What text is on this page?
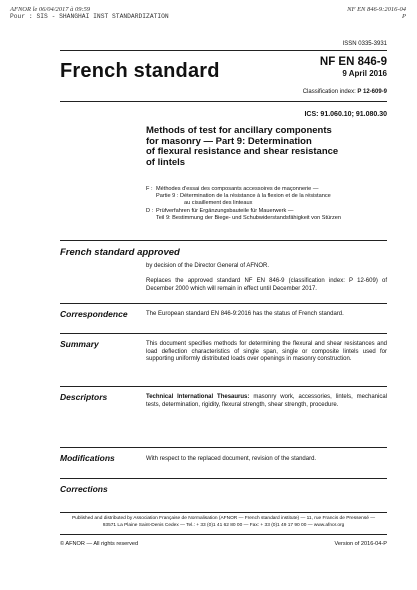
AFNOR le 06/04/2017 à 09:59
Pour : SIS - SHANGHAI INST STANDARDIZATION
NF EN 846-9:2016-04
P
ISSN 0335-3931
French standard	NF EN 846-9
9 April 2016
Classification index: P 12-609-9
ICS: 91.060.10; 91.080.30
Methods of test for ancillary components
for masonry — Part 9: Determination
of flexural resistance and shear resistance
of lintels
F : Méthodes d'essai des composants accessoires de maçonnerie —
Partie 9 : Détermination de la résistance à la flexion et de la résistance
au cisaillement des linteaux
D : Prüfverfahren für Ergänzungsbauteile für Mauerwerk —
Teil 9: Bestimmung der Biege- und Schubwiderstandsfähigkeit von Stürzen
French standard approved
by decision of the Director General of AFNOR.
Replaces the approved standard NF EN 846-9 (classification index: P 12-609) of December 2000 which will remain in effect until December 2017.
Correspondence	The European standard EN 846-9:2016 has the status of French standard.
Summary	This document specifies methods for determining the flexural and shear resistances and load deflection characteristics of single span, single or composite lintels used for supporting uniformly distributed loads over openings in masonry construction.
Descriptors	Technical International Thesaurus: masonry work, accessories, lintels, mechanical tests, determination, rigidity, flexural strength, shear strength, procedure.
Modifications	With respect to the replaced document, revision of the standard.
Corrections
Published and distributed by Association Française de Normalisation (AFNOR — French standard institute) — 11, rue Francis de Pressensé —
93571 La Plaine Saint-Denis Cedex — Tel.: + 33 (0)1 41 62 80 00 — Fax: + 33 (0)1 49 17 90 00 — www.afnor.org
© AFNOR — All rights reserved	Version of 2016-04-P
